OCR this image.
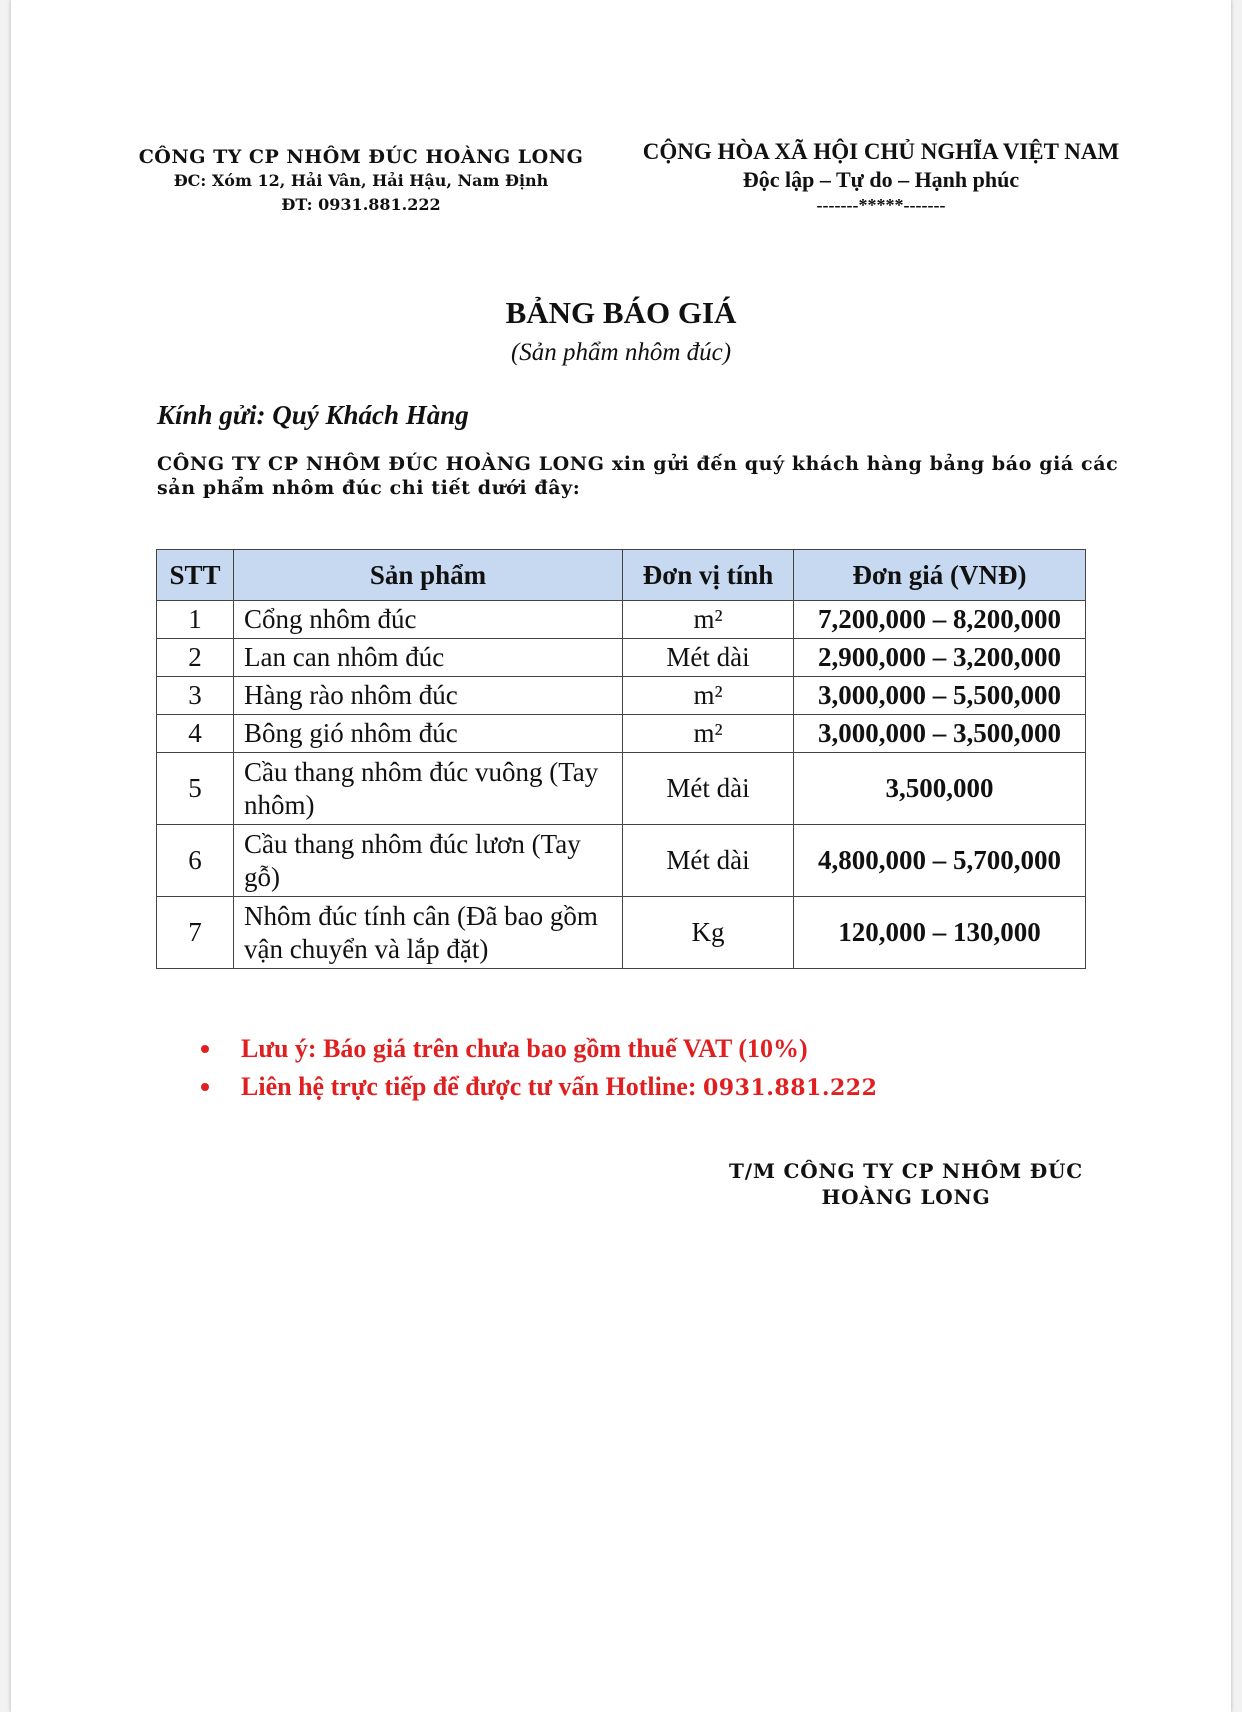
CÔNG TY CP NHÔM ĐÚC HOÀNG LONG
ĐC: Xóm 12, Hải Vân, Hải Hậu, Nam Định
ĐT: 0931.881.222
CỘNG HÒA XÃ HỘI CHỦ NGHĨA VIỆT NAM
Độc lập – Tự do – Hạnh phúc
-------*****-------
BẢNG BÁO GIÁ
(Sản phẩm nhôm đúc)
Kính gửi: Quý Khách Hàng
CÔNG TY CP NHÔM ĐÚC HOÀNG LONG xin gửi đến quý khách hàng bảng báo giá các sản phẩm nhôm đúc chi tiết dưới đây:
STT	Sản phẩm	Đơn vị tính	Đơn giá (VNĐ)
1	Cổng nhôm đúc	m²	7,200,000 – 8,200,000
2	Lan can nhôm đúc	Mét dài	2,900,000 – 3,200,000
3	Hàng rào nhôm đúc	m²	3,000,000 – 5,500,000
4	Bông gió nhôm đúc	m²	3,000,000 – 3,500,000
5	Cầu thang nhôm đúc vuông (Tay nhôm)	Mét dài	3,500,000
6	Cầu thang nhôm đúc lươn (Tay gỗ)	Mét dài	4,800,000 – 5,700,000
7	Nhôm đúc tính cân (Đã bao gồm vận chuyển và lắp đặt)	Kg	120,000 – 130,000
Lưu ý: Báo giá trên chưa bao gồm thuế VAT (10%)
Liên hệ trực tiếp để được tư vấn Hotline: 0931.881.222
T/M CÔNG TY CP NHÔM ĐÚC
HOÀNG LONG
